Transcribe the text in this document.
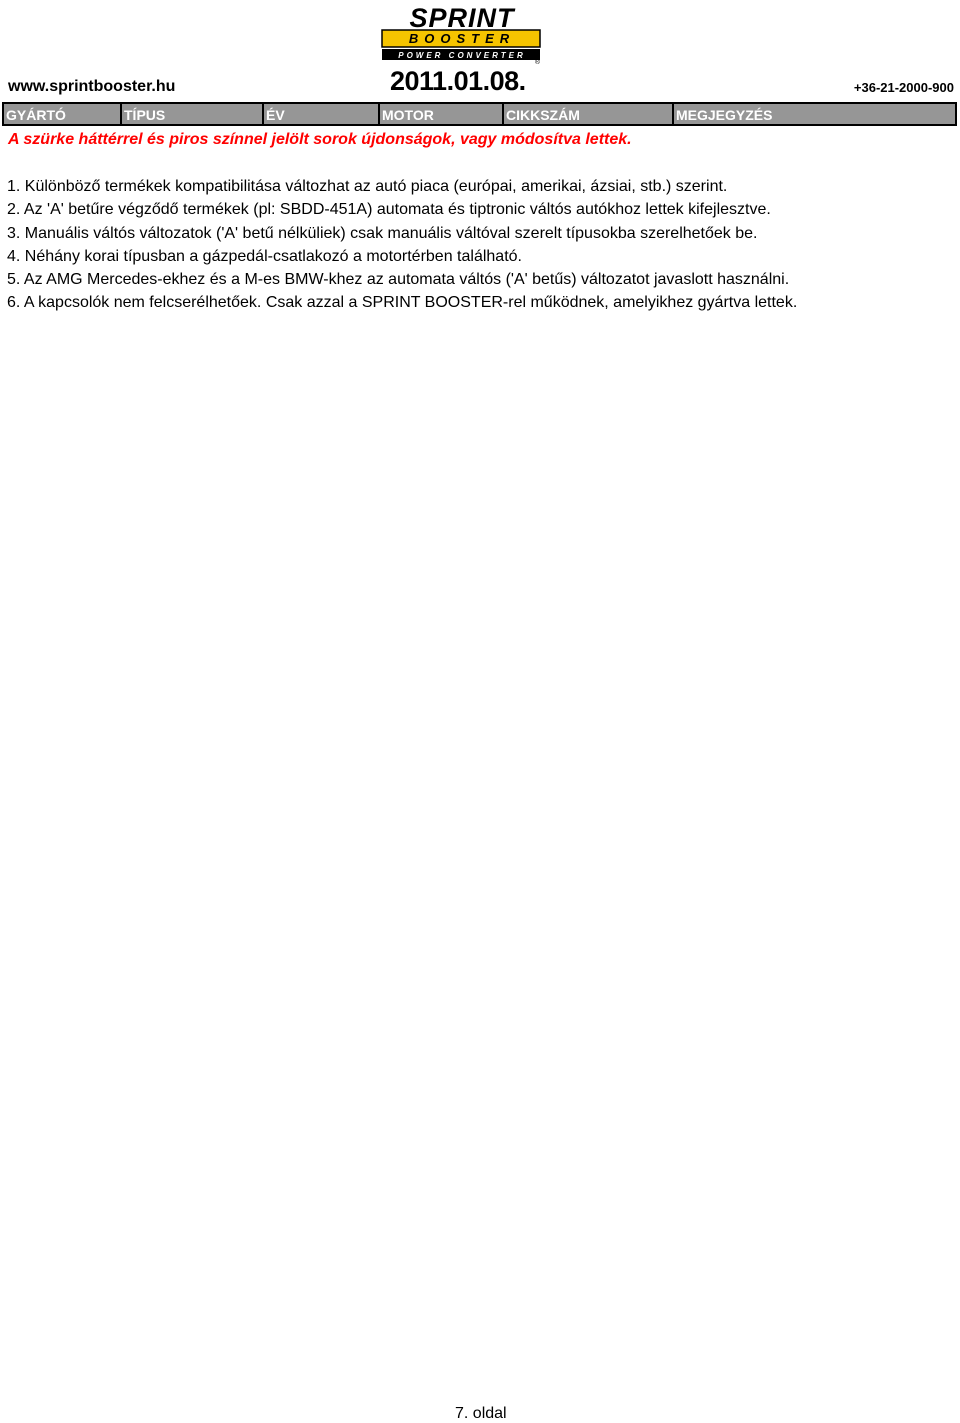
SPRINT
BOOSTER
POWER CONVERTER
®
www.sprintbooster.hu	2011.01.08.	+36-21-2000-900
GYÁRTÓ	TÍPUS	ÉV	MOTOR	CIKKSZÁM	MEGJEGYZÉS
A szürke háttérrel és piros színnel jelölt sorok újdonságok, vagy módosítva lettek.
1. Különböző termékek kompatibilitása változhat az autó piaca (európai, amerikai, ázsiai, stb.) szerint.
2. Az 'A' betűre végződő termékek (pl: SBDD-451A) automata és tiptronic váltós autókhoz lettek kifejlesztve.
3. Manuális váltós változatok ('A' betű nélküliek) csak manuális váltóval szerelt típusokba szerelhetőek be.
4. Néhány korai típusban a gázpedál-csatlakozó a motortérben található.
5. Az AMG Mercedes-ekhez és a M-es BMW-khez az automata váltós ('A' betűs) változatot javaslott használni.
6. A kapcsolók nem felcserélhetőek. Csak azzal a SPRINT BOOSTER-rel működnek, amelyikhez gyártva lettek.
7. oldal
